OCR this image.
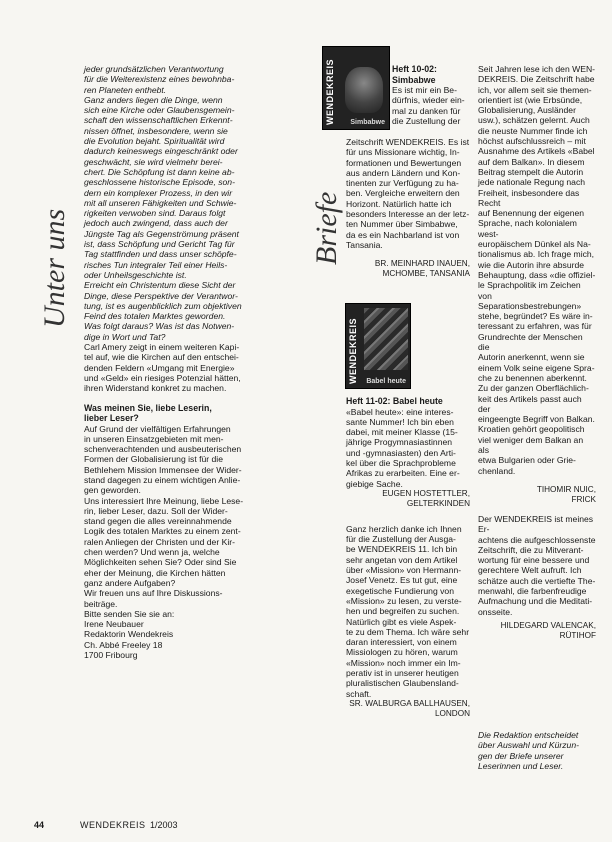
Unter uns	Briefe

jeder grundsätzlichen Verantwortung

für die Weiterexistenz eines bewohnba-

ren Planeten enthebt.

Ganz anders liegen die Dinge, wenn

sich eine Kirche oder Glaubensgemein-

schaft den wissenschaftlichen Erkennt-

nissen öffnet, insbesondere, wenn sie

die Evolution bejaht. Spiritualität wird

dadurch keineswegs eingeschränkt oder

geschwächt, sie wird vielmehr berei-

chert. Die Schöpfung ist dann keine ab-

geschlossene historische Episode, son-

dern ein komplexer Prozess, in den wir

mit all unseren Fähigkeiten und Schwie-

rigkeiten verwoben sind. Daraus folgt

jedoch auch zwingend, dass auch der

Jüngste Tag als Gegenströmung präsent

ist, dass Schöpfung und Gericht Tag für

Tag stattfinden und dass unser schöpfe-

risches Tun integraler Teil einer Heils-

oder Unheilsgeschichte ist.

Erreicht ein Christentum diese Sicht der

Dinge, diese Perspektive der Verantwor-

tung, ist es augenblicklich zum objektiven

Feind des totalen Marktes geworden.

Was folgt daraus? Was ist das Notwen-

dige in Wort und Tat?

Carl Amery zeigt in einem weiteren Kapi-

tel auf, wie die Kirchen auf den entschei-

denden Feldern «Umgang mit Energie»

und «Geld» ein riesiges Potenzial hätten,

ihren Widerstand konkret zu machen.

Was meinen Sie, liebe Leserin,

lieber Leser?

Auf Grund der vielfältigen Erfahrungen

in unseren Einsatzgebieten mit men-

schenverachtenden und ausbeuterischen

Formen der Globalisierung ist für die

Bethlehem Mission Immensee der Wider-

stand dagegen zu einem wichtigen Anlie-

gen geworden.

Uns interessiert Ihre Meinung, liebe Lese-

rin, lieber Leser, dazu. Soll der Wider-

stand gegen die alles vereinnahmende

Logik des totalen Marktes zu einem zent-

ralen Anliegen der Christen und der Kir-

chen werden? Und wenn ja, welche

Möglichkeiten sehen Sie? Oder sind Sie

eher der Meinung, die Kirchen hätten

ganz andere Aufgaben?

Wir freuen uns auf Ihre Diskussions-

beiträge.

Bitte senden Sie sie an:

Irene Neubauer

Redaktorin Wendekreis

Ch. Abbé Freeley 18

1700 Fribourg

WENDEKREIS Simbabwe
WENDEKREIS Babel heute

Heft 10-02:

Simbabwe

Es ist mir ein Be-

dürfnis, wieder ein-

mal zu danken für

die Zustellung der

Zeitschrift WENDEKREIS. Es ist

für uns Missionare wichtig, In-

formationen und Bewertungen

aus andern Ländern und Kon-

tinenten zur Verfügung zu ha-

ben. Vergleiche erweitern den

Horizont. Natürlich hatte ich

besonders Interesse an der letz-

ten Nummer über Simbabwe,

da es ein Nachbarland ist von

Tansania.

BR. MEINHARD INAUEN,

MCHOMBE, TANSANIA

Heft 11-02: Babel heute

«Babel heute»: eine interes-

sante Nummer! Ich bin eben

dabei, mit meiner Klasse (15-

jährige Progymnasiastinnen

und -gymnasiasten) den Arti-

kel über die Sprachprobleme

Afrikas zu erarbeiten. Eine er-

giebige Sache.

EUGEN HOSTETTLER,

GELTERKINDEN

Ganz herzlich danke ich Ihnen

für die Zustellung der Ausga-

be WENDEKREIS 11. Ich bin

sehr angetan von dem Artikel

über «Mission» von Hermann-

Josef Venetz. Es tut gut, eine

exegetische Fundierung von

«Mission» zu lesen, zu verste-

hen und begreifen zu suchen.

Natürlich gibt es viele Aspek-

te zu dem Thema. Ich wäre sehr

daran interessiert, von einem

Missiologen zu hören, warum

«Mission» noch immer ein Im-

perativ ist in unserer heutigen

pluralistischen Glaubensland-

schaft.

SR. WALBURGA BALLHAUSEN,

LONDON

Seit Jahren lese ich den WEN-

DEKREIS. Die Zeitschrift habe

ich, vor allem seit sie themen-

orientiert ist (wie Erbsünde,

Globalisierung, Ausländer

usw.), schätzen gelernt. Auch

die neuste Nummer finde ich

höchst aufschlussreich – mit

Ausnahme des Artikels «Babel

auf dem Balkan». In diesem

Beitrag stempelt die Autorin

jede nationale Regung nach

Freiheit, insbesondere das Recht

auf Benennung der eigenen

Sprache, nach kolonialem west-

europäischem Dünkel als Na-

tionalismus ab. Ich frage mich,

wie die Autorin ihre absurde

Behauptung, dass «die offiziel-

le Sprachpolitik im Zeichen

von Separationsbestrebungen»

stehe, begründet? Es wäre in-

teressant zu erfahren, was für

Grundrechte der Menschen die

Autorin anerkennt, wenn sie

einem Volk seine eigene Spra-

che zu benennen aberkennt.

Zu der ganzen Oberflächlich-

keit des Artikels passt auch der

eingeengte Begriff von Balkan.

Kroatien gehört geopolitisch

viel weniger dem Balkan an als

etwa Bulgarien oder Grie-

chenland.

TIHOMIR NUIC,

FRICK

Der WENDEKREIS ist meines Er-

achtens die aufgeschlossenste

Zeitschrift, die zu Mitverant-

wortung für eine bessere und

gerechtere Welt aufruft. Ich

schätze auch die vertiefte The-

menwahl, die farbenfreudige

Aufmachung und die Meditati-

onsseite.

HILDEGARD VALENCAK,

RÜTIHOF

Die Redaktion entscheidet

über Auswahl und Kürzun-

gen der Briefe unserer

Leserinnen und Leser.

44	WENDEKREIS 1/2003
